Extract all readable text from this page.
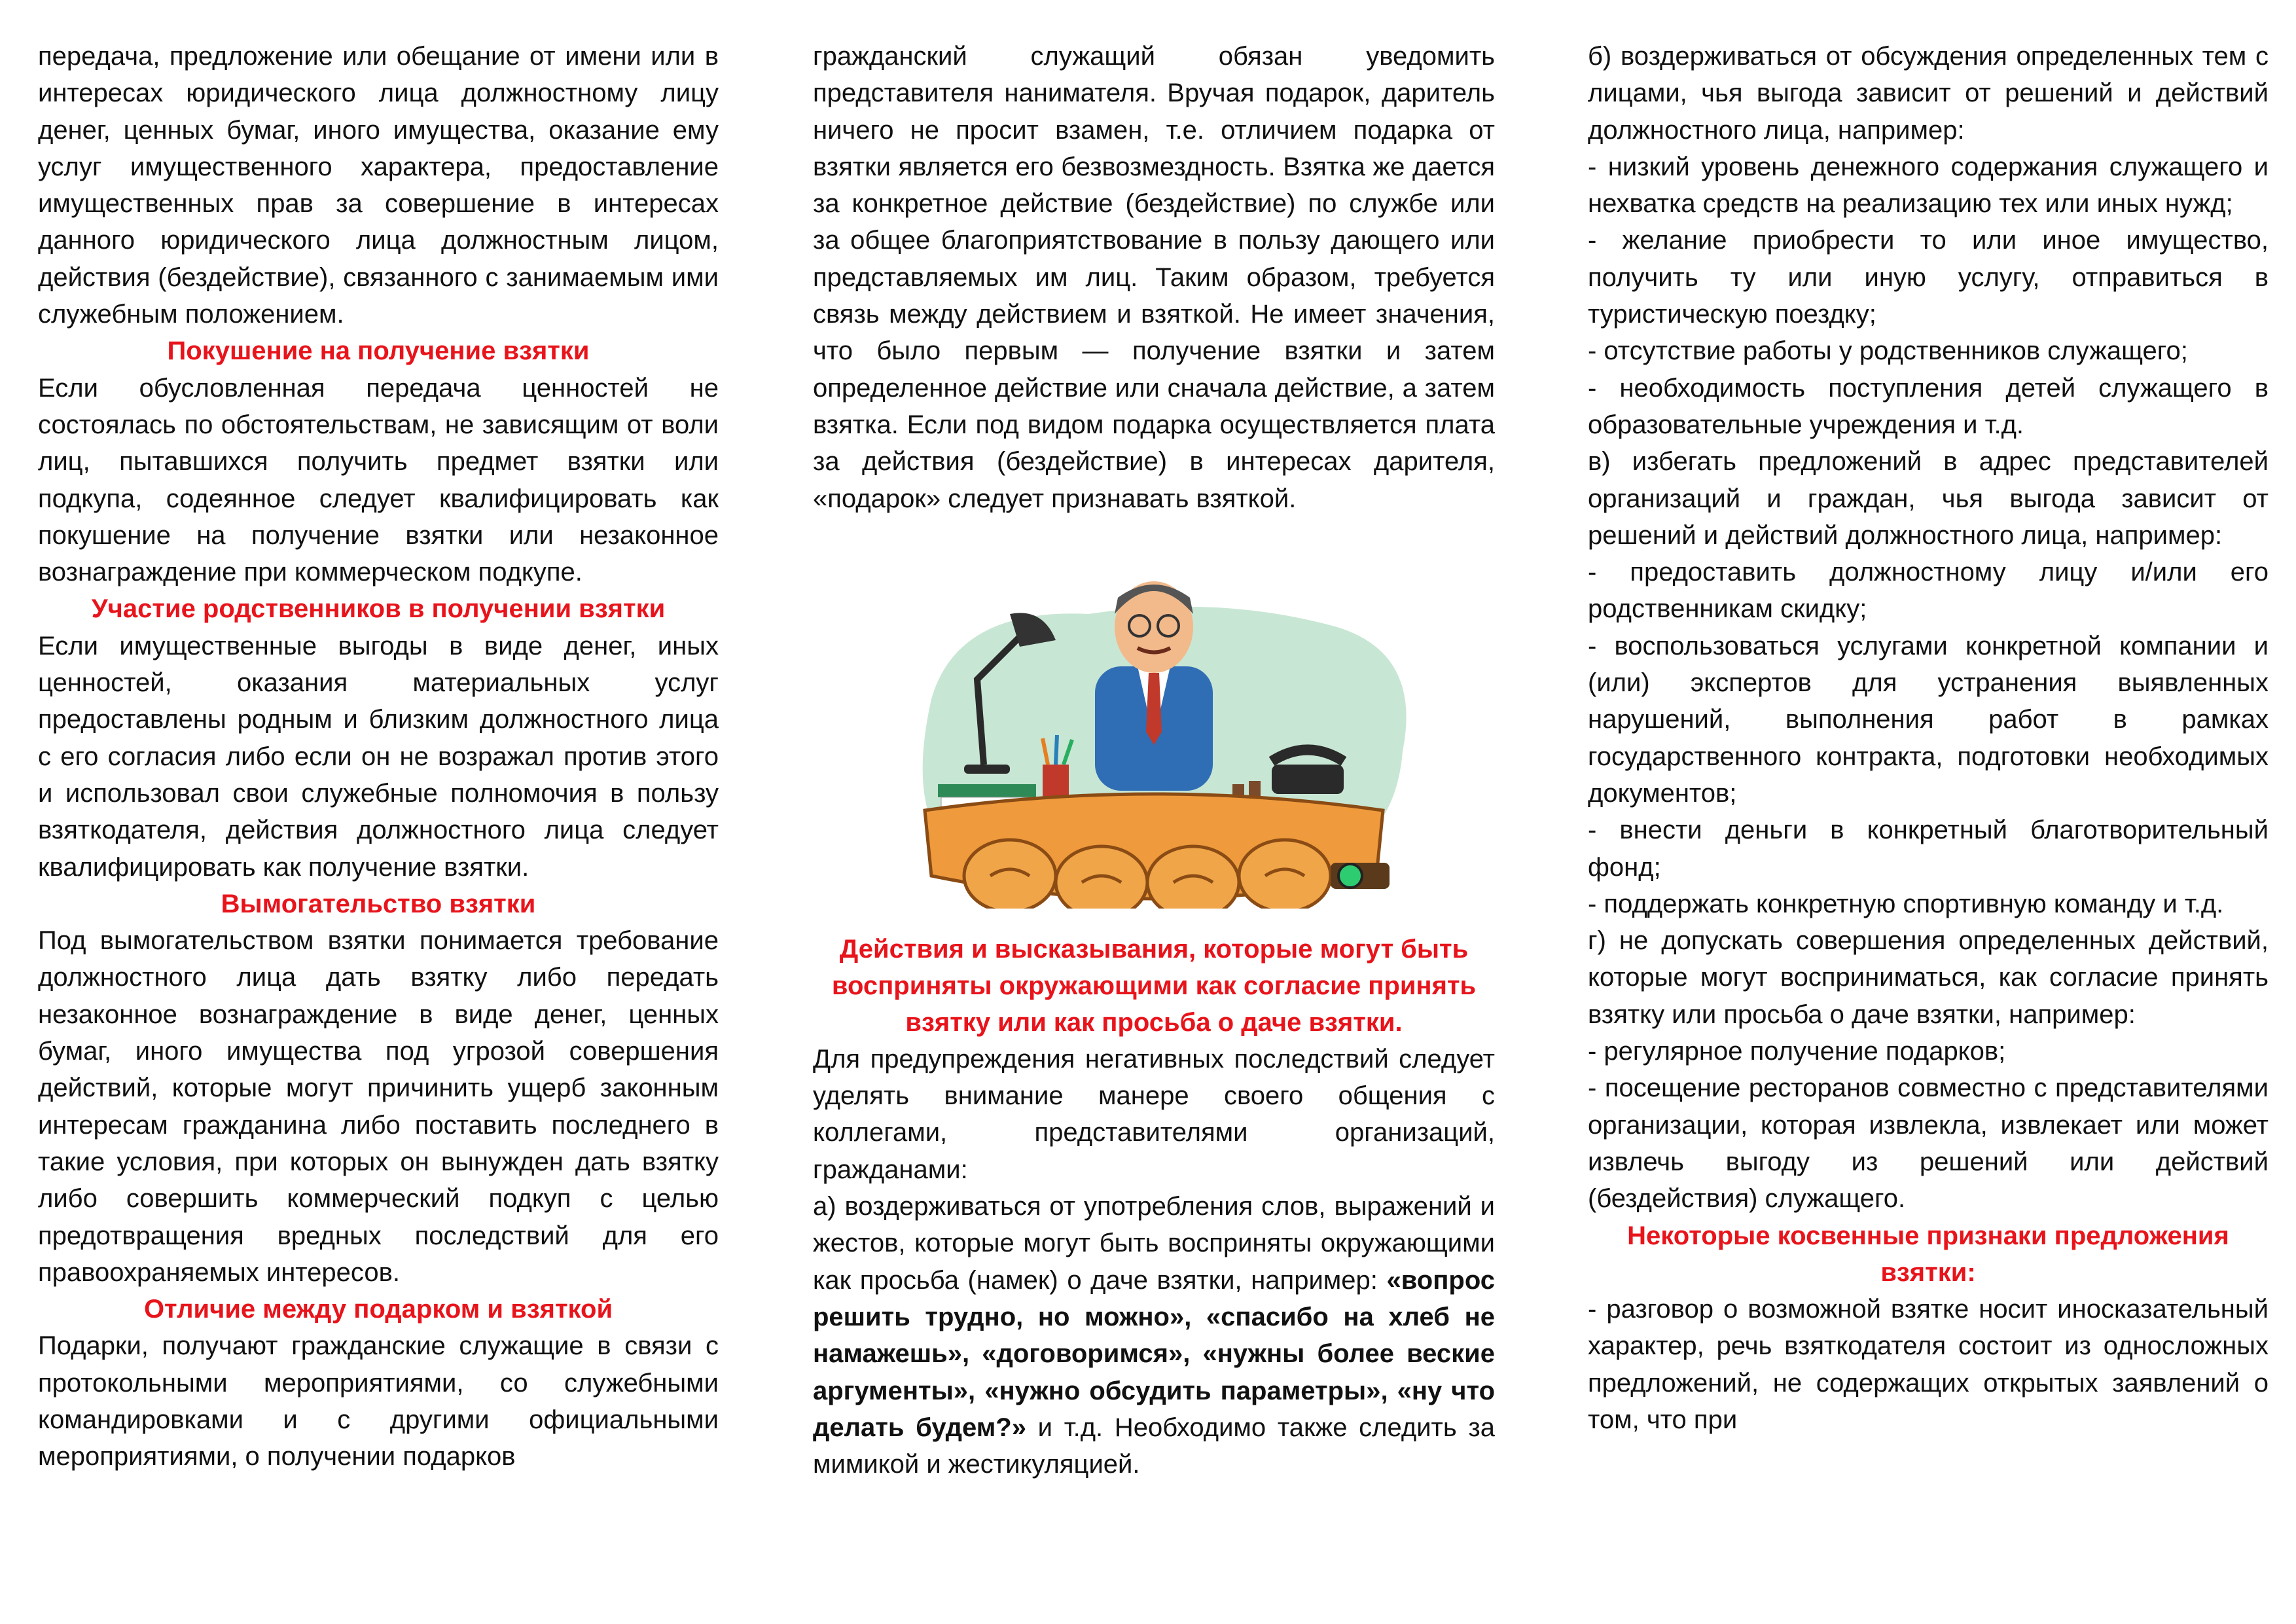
передача, предложение или обещание от имени или в интересах юридического лица должностному лицу денег, ценных бумаг, иного имущества, оказание ему услуг имущественного характера, предоставление имущественных прав за совершение в интересах данного юридического лица должностным лицом, действия (бездействие), связанного с занимаемым ими служебным положением.

Покушение на получение взятки

Если обусловленная передача ценностей не состоялась по обстоятельствам, не зависящим от воли лиц, пытавшихся получить предмет взятки или подкупа, содеянное следует квалифицировать как покушение на получение взятки или незаконное вознаграждение при коммерческом подкупе.

Участие родственников в получении взятки

Если имущественные выгоды в виде денег, иных ценностей, оказания материальных услуг предоставлены родным и близким должностного лица с его согласия либо если он не возражал против этого и использовал свои служебные полномочия в пользу взяткодателя, действия должностного лица следует квалифицировать как получение взятки.

Вымогательство взятки

Под вымогательством взятки понимается требование должностного лица дать взятку либо передать незаконное вознаграждение в виде денег, ценных бумаг, иного имущества под угрозой совершения действий, которые могут причинить ущерб законным интересам гражданина либо поставить последнего в такие условия, при которых он вынужден дать взятку либо совершить коммерческий подкуп с целью предотвращения вредных последствий для его правоохраняемых интересов.

Отличие между подарком и взяткой

Подарки, получают гражданские служащие в связи с протокольными мероприятиями, со служебными командировками и с другими официальными мероприятиями, о получении подарков

гражданский служащий обязан уведомить представителя нанимателя. Вручая подарок, даритель ничего не просит взамен, т.е. отличием подарка от взятки является его безвозмездность. Взятка же дается за конкретное действие (бездействие) по службе или за общее благоприятствование в пользу дающего или представляемых им лиц. Таким образом, требуется связь между действием и взяткой. Не имеет значения, что было первым — получение взятки и затем определенное действие или сначала действие, а затем взятка. Если под видом подарка осуществляется плата за действия (бездействие) в интересах дарителя, «подарок» следует признавать взяткой.

Действия и высказывания, которые могут быть восприняты окружающими как согласие принять взятку или как просьба о даче взятки.

Для предупреждения негативных последствий следует уделять внимание манере своего общения с коллегами, представителями организаций, гражданами:

а) воздерживаться от употребления слов, выражений и жестов, которые могут быть восприняты окружающими как просьба (намек) о даче взятки, например: «вопрос решить трудно, но можно», «спасибо на хлеб не намажешь», «договоримся», «нужны более веские аргументы», «нужно обсудить параметры», «ну что делать будем?» и т.д. Необходимо также следить за мимикой и жестикуляцией.

б) воздерживаться от обсуждения определенных тем с лицами, чья выгода зависит от решений и действий должностного лица, например:

- низкий уровень денежного содержания служащего и нехватка средств на реализацию тех или иных нужд;

- желание приобрести то или иное имущество, получить ту или иную услугу, отправиться в туристическую поездку;

- отсутствие работы у родственников служащего;

- необходимость поступления детей служащего в образовательные учреждения и т.д.

в) избегать предложений в адрес представителей организаций и граждан, чья выгода зависит от решений и действий должностного лица, например:

- предоставить должностному лицу и/или его родственникам скидку;

- воспользоваться услугами конкретной компании и (или) экспертов для устранения выявленных нарушений, выполнения работ в рамках государственного контракта, подготовки необходимых документов;

- внести деньги в конкретный благотворительный фонд;

- поддержать конкретную спортивную команду и т.д.

г) не допускать совершения определенных действий, которые могут восприниматься, как согласие принять взятку или просьба о даче взятки, например:

- регулярное получение подарков;

- посещение ресторанов совместно с представителями организации, которая извлекла, извлекает или может извлечь выгоду из решений или действий (бездействия) служащего.

Некоторые косвенные признаки предложения взятки:

- разговор о возможной взятке носит иносказательный характер, речь взяткодателя состоит из односложных предложений, не содержащих открытых заявлений о том, что при
